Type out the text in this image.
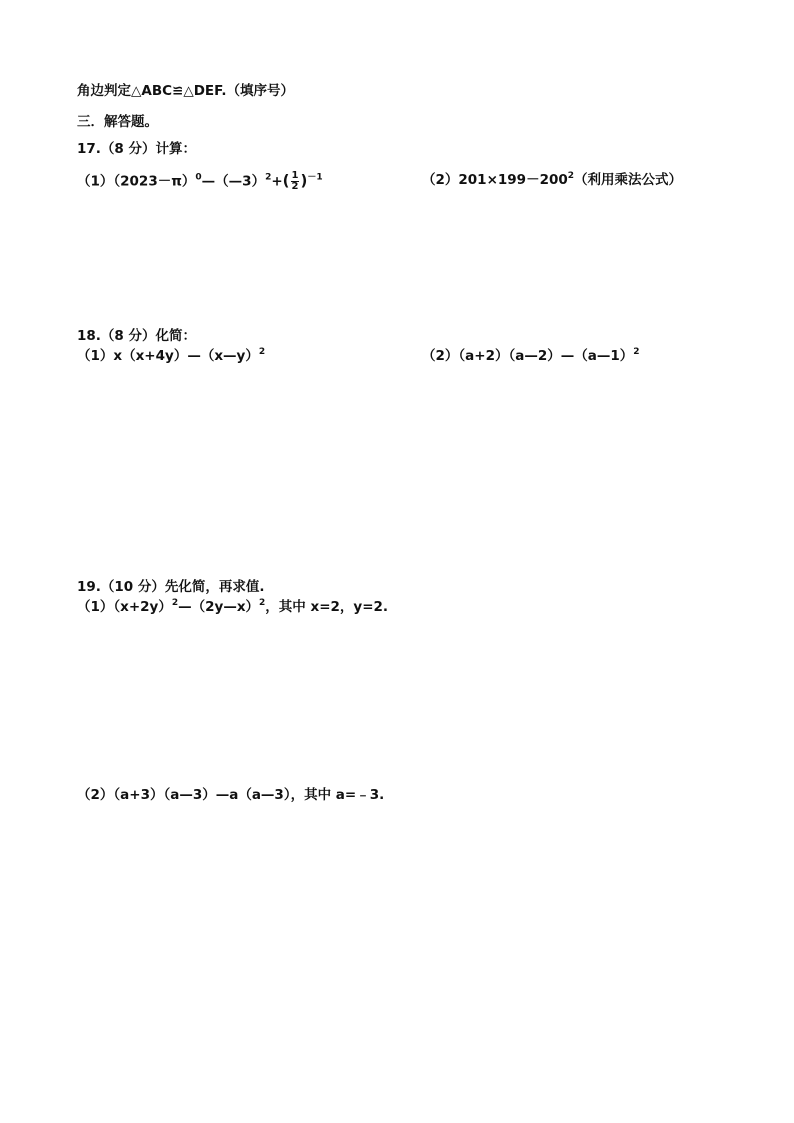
角边判定△ABC≌△DEF.（填序号）
三．解答题。
17.（8 分）计算：
$(1)(2023-\pi)^0—(—3)^2+( \frac{1}{2} )^{-1}$	$(2)201\times 199-200^2$（利用乘法公式）
18.（8 分）化简：
（1）x（x+4y）—（x—y）$^2$	（2）（a+2）（a—2）—（a—1）$^2$
19.（10 分）先化简，再求值.
$(1)(x+2y)^2—(2y—x)^2$，其中 x=2，y=2.
（2）（a+3）（a—3）—a（a—3），其中 a=﹣3.
